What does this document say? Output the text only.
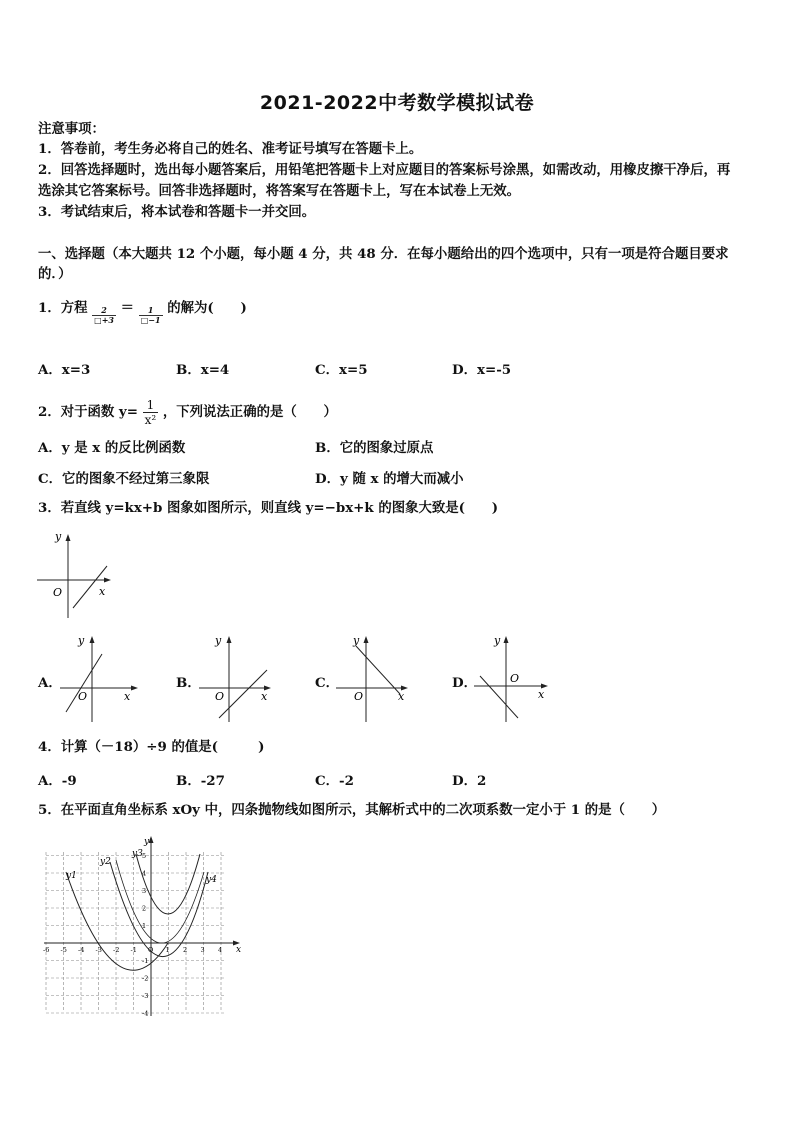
2021-2022中考数学模拟试卷
注意事项：
1．答卷前，考生务必将自己的姓名、准考证号填写在答题卡上。
2．回答选择题时，选出每小题答案后，用铅笔把答题卡上对应题目的答案标号涂黑，如需改动，用橡皮擦干净后，再
选涂其它答案标号。回答非选择题时，将答案写在答题卡上，写在本试卷上无效。
3．考试结束后，将本试卷和答题卡一并交回。
一、选择题（本大题共 12 个小题，每小题 4 分，共 48 分．在每小题给出的四个选项中，只有一项是符合题目要求
的．）
1．方程 $\frac{2}{□+3} = \frac{1}{□-1}$ 的解为(　　)
A．x=3	B．x=4	C．x=5	D．x=-5
2．对于函数 $y= \frac{1}{\text{x²}}$ ，下列说法正确的是（　　）
A．y 是 x 的反比例函数	B．它的图象过原点
C．它的图象不经过第三象限	D．y 随 x 的增大而减小
3．若直线 y=kx+b 图象如图所示，则直线 y=−bx+k 的图象大致是(　　)
y
x
O
A．
y
x
O
B．
y
x
O
C．
y
x
O
D．
y
x
O
4．计算（－18）÷9 的值是(　　　)
A．-9	B．-27	C．-2	D．2
5．在平面直角坐标系 xOy 中，四条抛物线如图所示，其解析式中的二次项系数一定小于 1 的是（　　）
y1
y2
y3
y4
y
x
-6 -5 -4 -3 -2 -1 O 1 2 3 4
5
4
3
2
1
-1
-2
-3
-4
